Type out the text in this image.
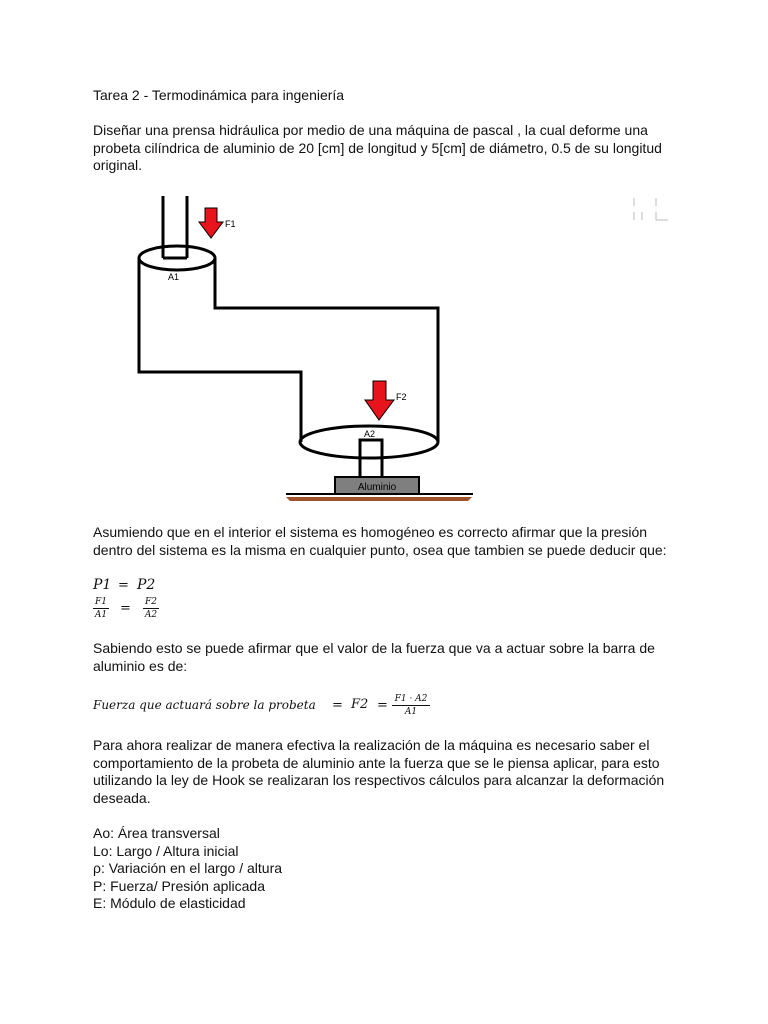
Tarea 2 - Termodinámica para ingeniería

Diseñar una prensa hidráulica por medio de una máquina de pascal , la cual deforme una probeta cilíndrica de aluminio de 20 [cm] de longitud y 5[cm] de diámetro, 0.5 de su longitud original.

Aluminio
F1
A1
F2
A2

Asumiendo que en el interior el sistema es homogéneo es correcto afirmar que la presión dentro del sistema es la misma en cualquier punto, osea que tambien se puede deducir que:

P1 = P2
F1
A1 = F2
A2

Sabiendo esto se puede afirmar que el valor de la fuerza que va a actuar sobre la barra de aluminio es de:

Fuerza que actuará sobre la probeta = F2 = F1 · A2
A1

Para ahora realizar de manera efectiva la realización de la máquina es necesario saber el comportamiento de la probeta de aluminio ante la fuerza que se le piensa aplicar, para esto utilizando la ley de Hook se realizaran los respectivos cálculos para alcanzar la deformación deseada.

Ao: Área transversal
Lo: Largo / Altura inicial
ρ: Variación en el largo / altura
P: Fuerza/ Presión aplicada
E: Módulo de elasticidad
